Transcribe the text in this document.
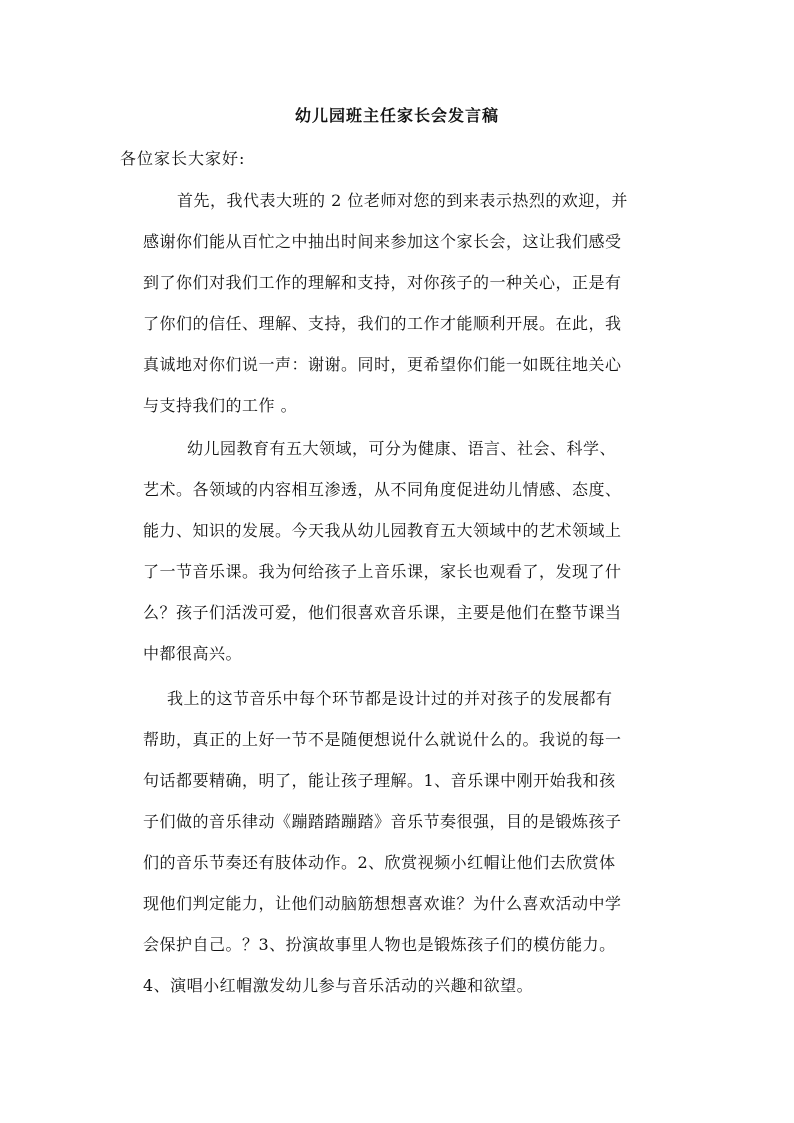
幼儿园班主任家长会发言稿
各位家长大家好:
首先，我代表大班的 2 位老师对您的到来表示热烈的欢迎，并
感谢你们能从百忙之中抽出时间来参加这个家长会，这让我们感受
到了你们对我们工作的理解和支持，对你孩子的一种关心，正是有
了你们的信任、理解、支持，我们的工作才能顺利开展。在此，我
真诚地对你们说一声：谢谢。同时，更希望你们能一如既往地关心
与支持我们的工作 。
幼儿园教育有五大领域，可分为健康、语言、社会、科学、
艺术。各领域的内容相互渗透，从不同角度促进幼儿情感、态度、
能力、知识的发展。今天我从幼儿园教育五大领域中的艺术领域上
了一节音乐课。我为何给孩子上音乐课，家长也观看了，发现了什
么？孩子们活泼可爱，他们很喜欢音乐课，主要是他们在整节课当
中都很高兴。
我上的这节音乐中每个环节都是设计过的并对孩子的发展都有
帮助，真正的上好一节不是随便想说什么就说什么的。我说的每一
句话都要精确，明了，能让孩子理解。1、音乐课中刚开始我和孩
子们做的音乐律动《蹦踏踏蹦踏》音乐节奏很强，目的是锻炼孩子
们的音乐节奏还有肢体动作。2、欣赏视频小红帽让他们去欣赏体
现他们判定能力，让他们动脑筋想想喜欢谁？为什么喜欢活动中学
会保护自己。？3、扮演故事里人物也是锻炼孩子们的模仿能力。
4、演唱小红帽激发幼儿参与音乐活动的兴趣和欲望。
